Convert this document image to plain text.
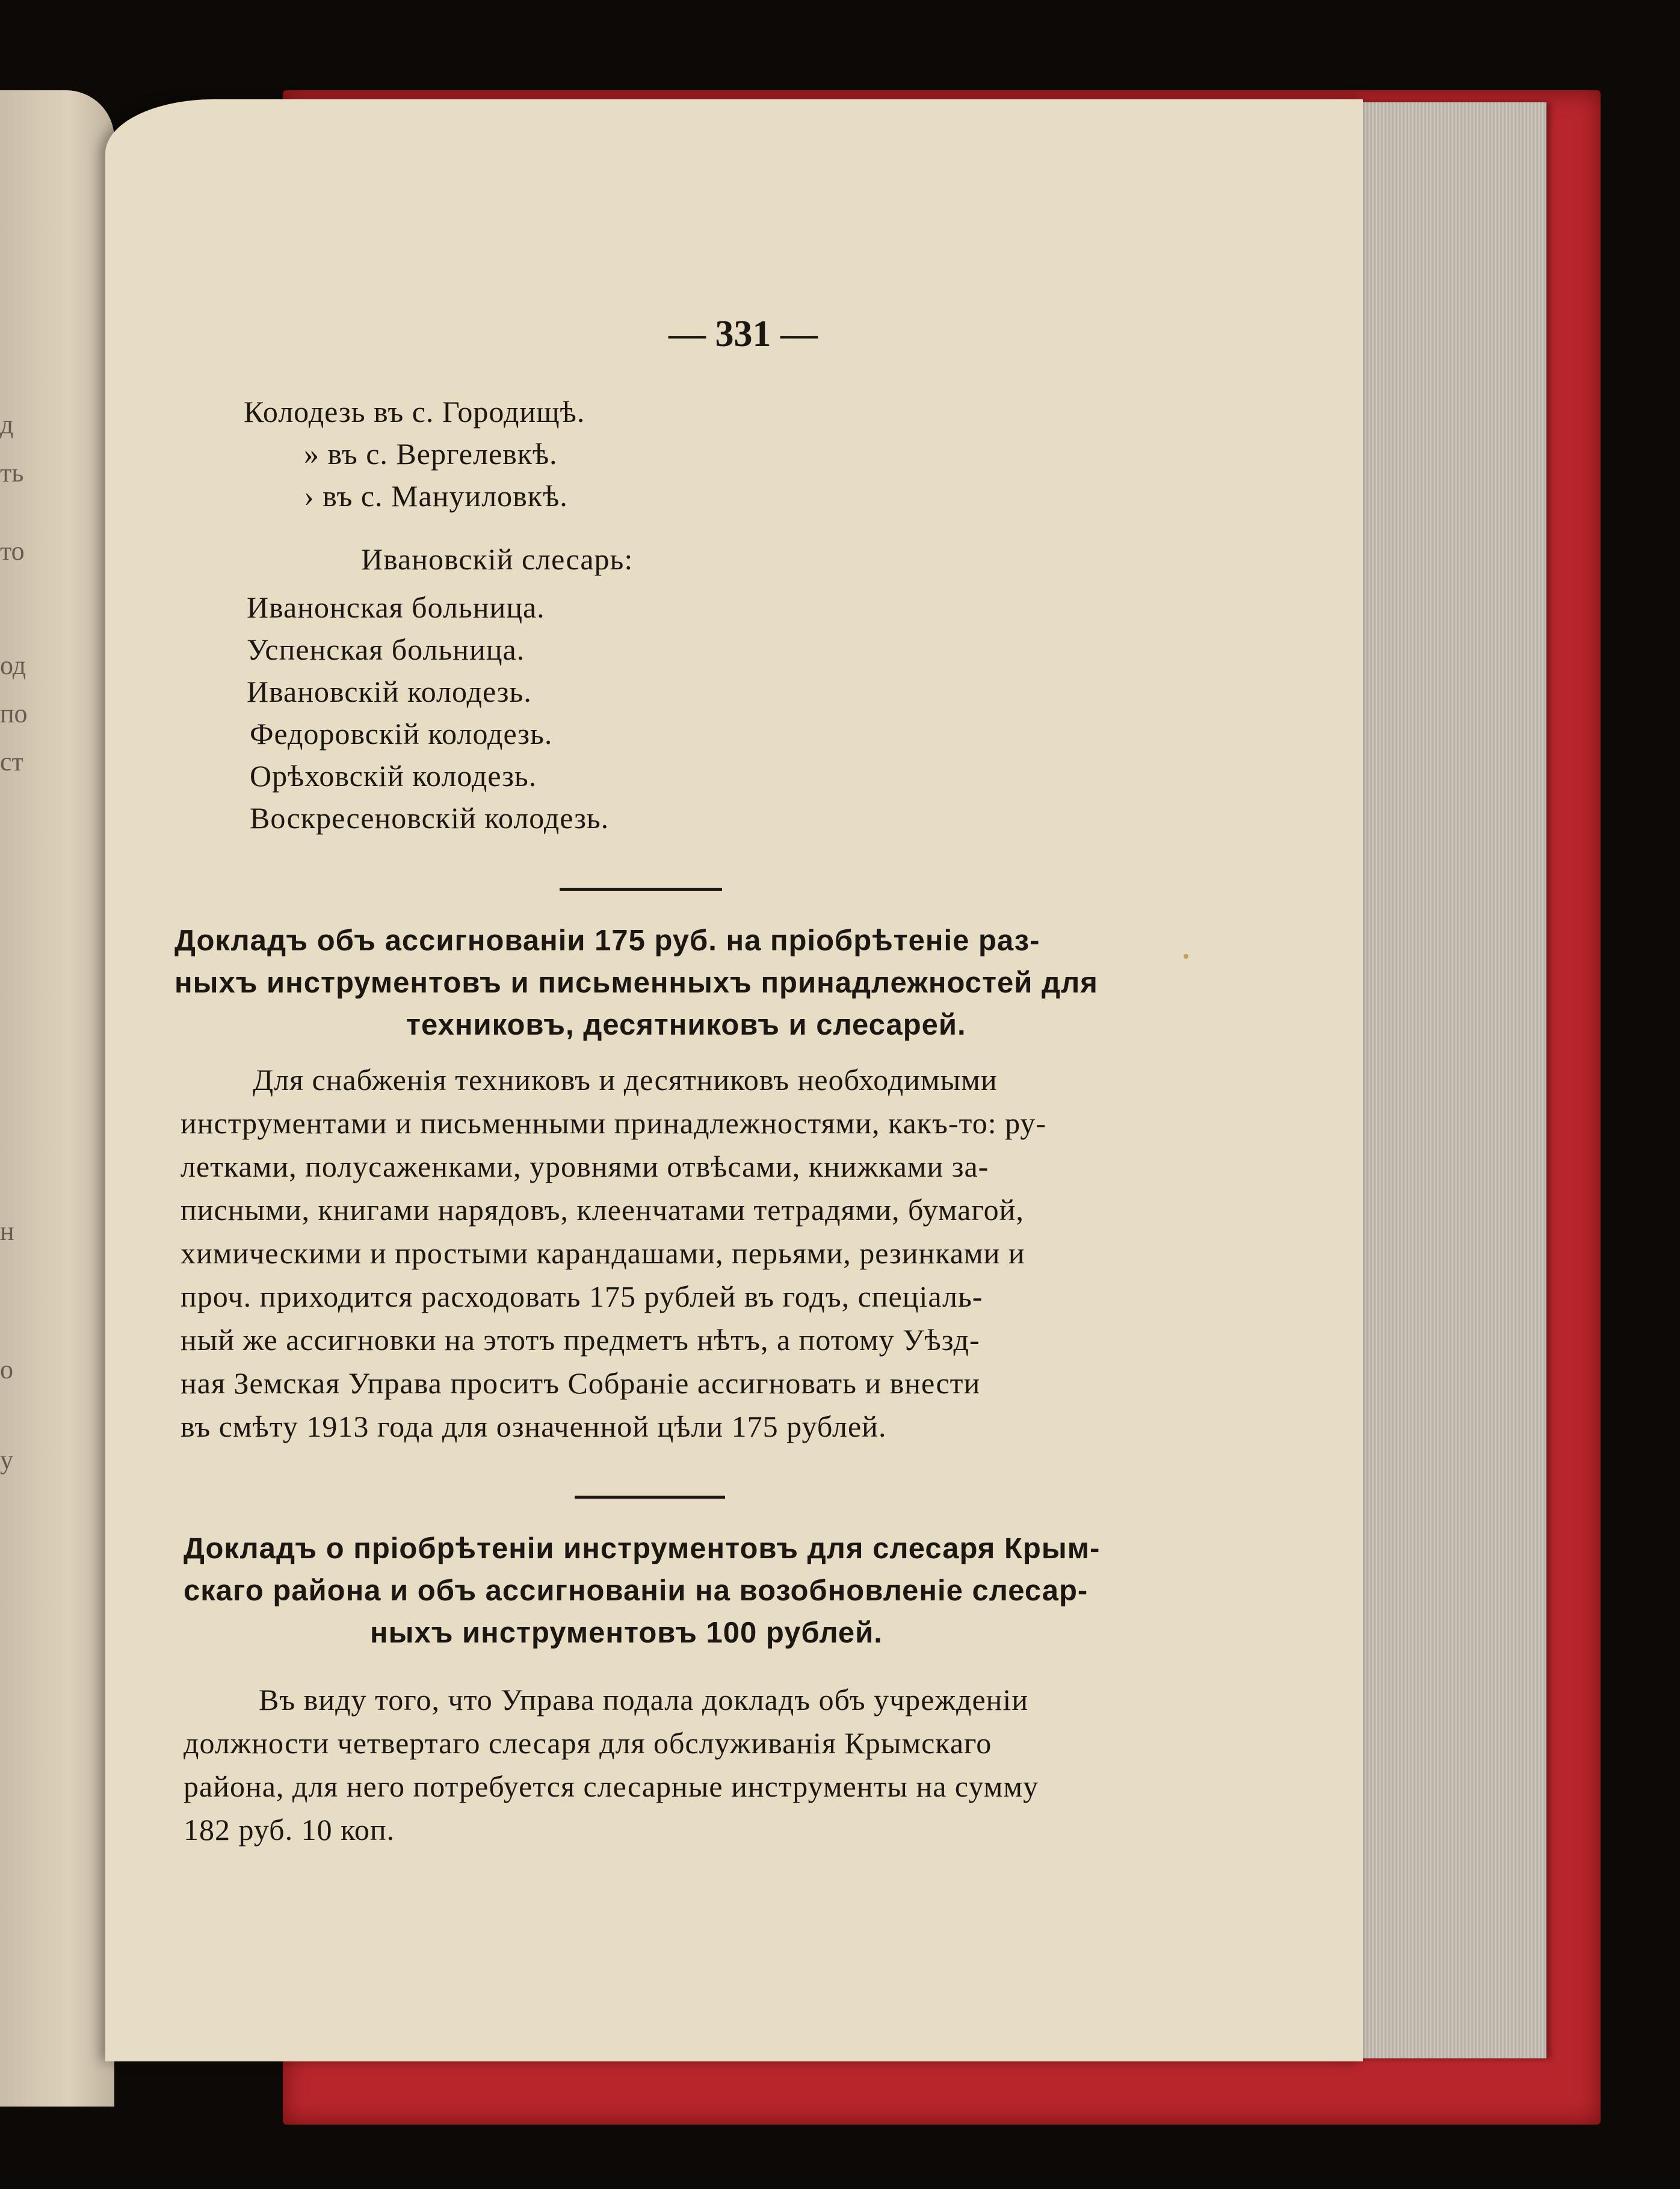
д
ть
то
од
по
ст
н
о
у
— 331 —
Колодезь въ с. Городищѣ.
» въ с. Вергелевкѣ.
› въ с. Мануиловкѣ.
Ивановскій слесарь:
Иванонская больница.
Успенская больница.
Ивановскій колодезь.
Федоровскій колодезь.
Орѣховскій колодезь.
Воскресеновскій колодезь.
Докладъ объ ассигнованіи 175 руб. на пріобрѣтеніе раз-
ныхъ инструментовъ и письменныхъ принадлежностей для
техниковъ, десятниковъ и слесарей.
Для снабженія техниковъ и десятниковъ необходимыми
инструментами и письменными принадлежностями, какъ-то: ру-
летками, полусаженками, уровнями отвѣсами, книжками за-
писными, книгами нарядовъ, клеенчатами тетрадями, бумагой,
химическими и простыми карандашами, перьями, резинками и
проч. приходится расходовать 175 рублей въ годъ, спеціаль-
ный же ассигновки на этотъ предметъ нѣтъ, а потому Уѣзд-
ная Земская Управа проситъ Собраніе ассигновать и внести
въ смѣту 1913 года для означенной цѣли 175 рублей.
Докладъ о пріобрѣтеніи инструментовъ для слесаря Крым-
скаго района и объ ассигнованіи на возобновленіе слесар-
ныхъ инструментовъ 100 рублей.
Въ виду того, что Управа подала докладъ объ учрежденіи
должности четвертаго слесаря для обслуживанія Крымскаго
района, для него потребуется слесарные инструменты на сумму
182 руб. 10 коп.
